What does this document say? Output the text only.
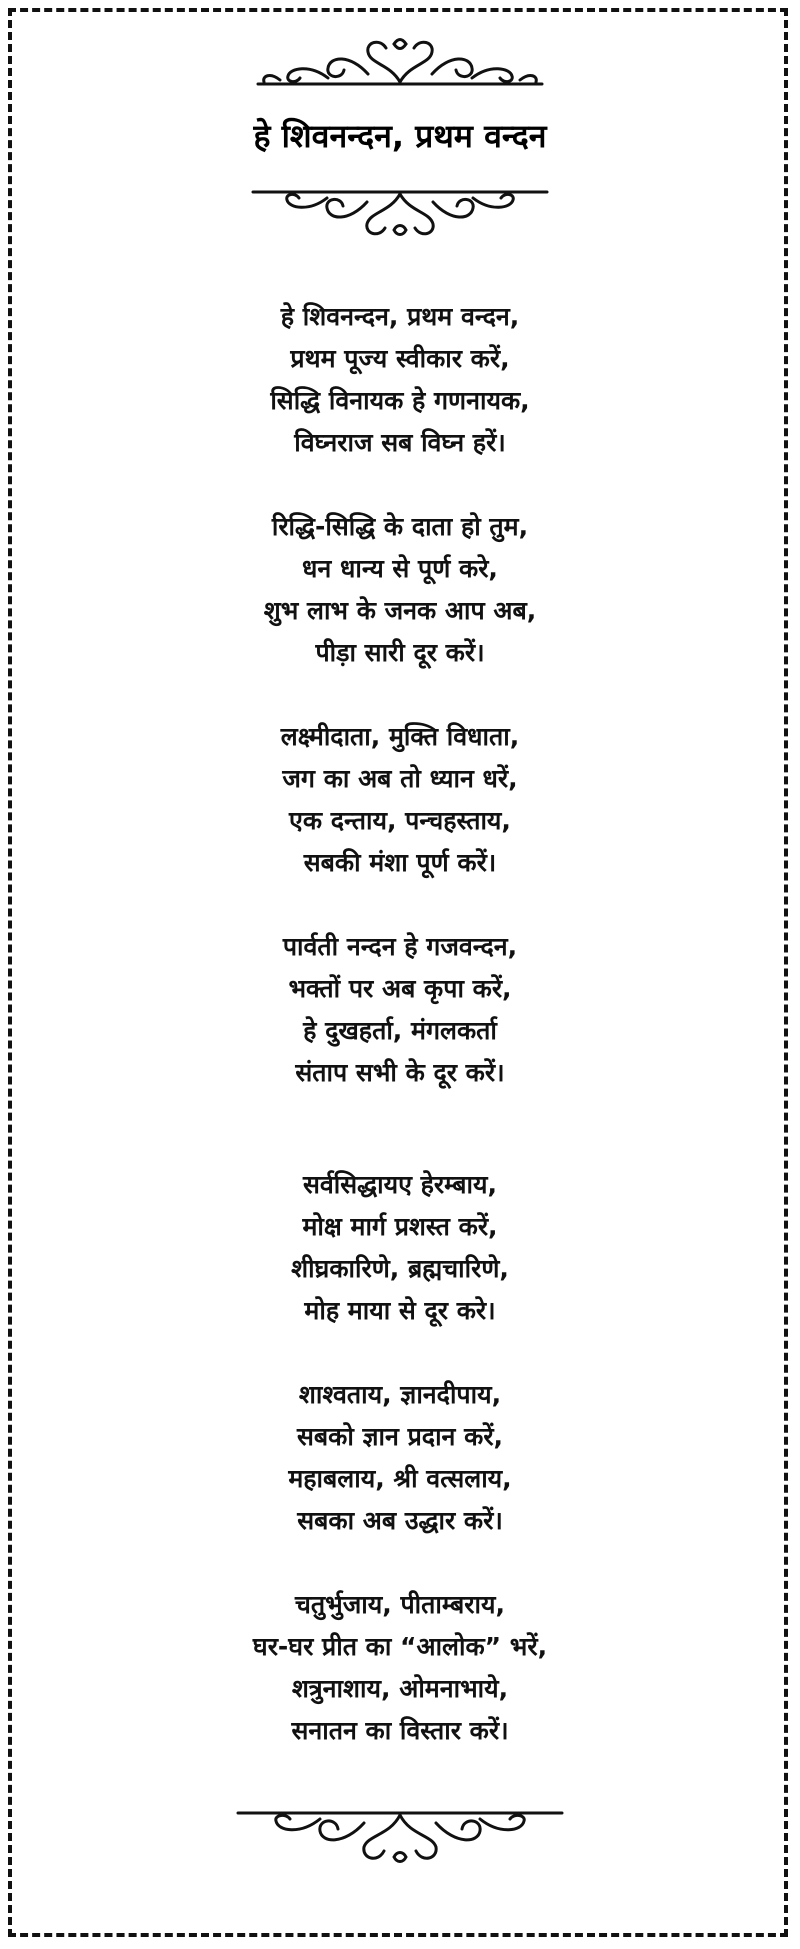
हे शिवनन्दन, प्रथम वन्दन
हे शिवनन्दन, प्रथम वन्दन,
प्रथम पूज्य स्वीकार करें,
सिद्धि विनायक हे गणनायक,
विघ्नराज सब विघ्न हरें।
रिद्धि-सिद्धि के दाता हो तुम,
धन धान्य से पूर्ण करे,
शुभ लाभ के जनक आप अब,
पीड़ा सारी दूर करें।
लक्ष्मीदाता, मुक्ति विधाता,
जग का अब तो ध्यान धरें,
एक दन्ताय, पन्चहस्ताय,
सबकी मंशा पूर्ण करें।
पार्वती नन्दन हे गजवन्दन,
भक्तों पर अब कृपा करें,
हे दुखहर्ता, मंगलकर्ता
संताप सभी के दूर करें।
सर्वसिद्धायए हेरम्बाय,
मोक्ष मार्ग प्रशस्त करें,
शीघ्रकारिणे, ब्रह्मचारिणे,
मोह माया से दूर करे।
शाश्वताय, ज्ञानदीपाय,
सबको ज्ञान प्रदान करें,
महाबलाय, श्री वत्सलाय,
सबका अब उद्धार करें।
चतुर्भुजाय, पीताम्बराय,
घर-घर प्रीत का “आलोक” भरें,
शत्रुनाशाय, ओमनाभाये,
सनातन का विस्तार करें।
